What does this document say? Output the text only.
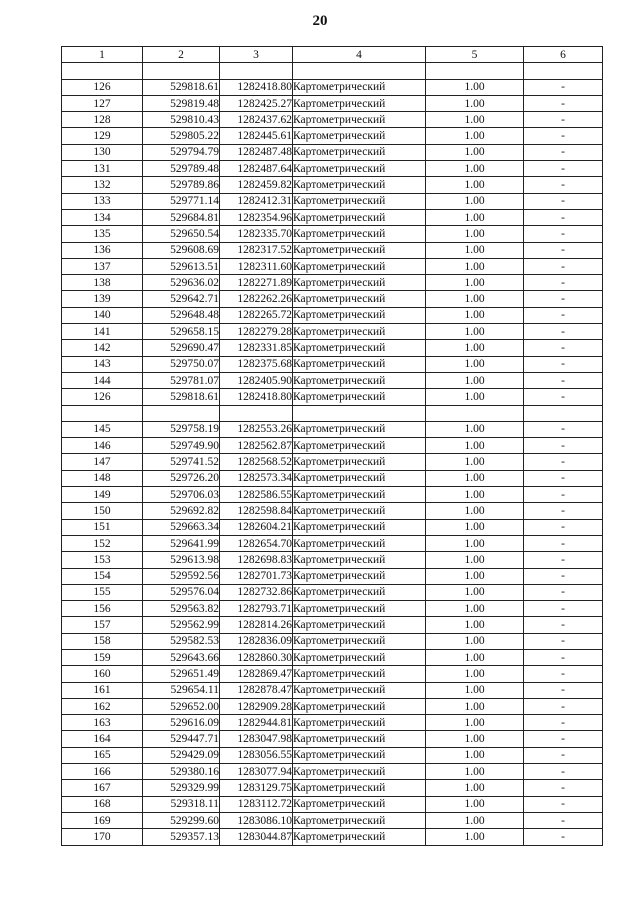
20
1	2	3	4	5	6

126	529818.61	1282418.80	Картометрический	1.00	-
127	529819.48	1282425.27	Картометрический	1.00	-
128	529810.43	1282437.62	Картометрический	1.00	-
129	529805.22	1282445.61	Картометрический	1.00	-
130	529794.79	1282487.48	Картометрический	1.00	-
131	529789.48	1282487.64	Картометрический	1.00	-
132	529789.86	1282459.82	Картометрический	1.00	-
133	529771.14	1282412.31	Картометрический	1.00	-
134	529684.81	1282354.96	Картометрический	1.00	-
135	529650.54	1282335.70	Картометрический	1.00	-
136	529608.69	1282317.52	Картометрический	1.00	-
137	529613.51	1282311.60	Картометрический	1.00	-
138	529636.02	1282271.89	Картометрический	1.00	-
139	529642.71	1282262.26	Картометрический	1.00	-
140	529648.48	1282265.72	Картометрический	1.00	-
141	529658.15	1282279.28	Картометрический	1.00	-
142	529690.47	1282331.85	Картометрический	1.00	-
143	529750.07	1282375.68	Картометрический	1.00	-
144	529781.07	1282405.90	Картометрический	1.00	-
126	529818.61	1282418.80	Картометрический	1.00	-

145	529758.19	1282553.26	Картометрический	1.00	-
146	529749.90	1282562.87	Картометрический	1.00	-
147	529741.52	1282568.52	Картометрический	1.00	-
148	529726.20	1282573.34	Картометрический	1.00	-
149	529706.03	1282586.55	Картометрический	1.00	-
150	529692.82	1282598.84	Картометрический	1.00	-
151	529663.34	1282604.21	Картометрический	1.00	-
152	529641.99	1282654.70	Картометрический	1.00	-
153	529613.98	1282698.83	Картометрический	1.00	-
154	529592.56	1282701.73	Картометрический	1.00	-
155	529576.04	1282732.86	Картометрический	1.00	-
156	529563.82	1282793.71	Картометрический	1.00	-
157	529562.99	1282814.26	Картометрический	1.00	-
158	529582.53	1282836.09	Картометрический	1.00	-
159	529643.66	1282860.30	Картометрический	1.00	-
160	529651.49	1282869.47	Картометрический	1.00	-
161	529654.11	1282878.47	Картометрический	1.00	-
162	529652.00	1282909.28	Картометрический	1.00	-
163	529616.09	1282944.81	Картометрический	1.00	-
164	529447.71	1283047.98	Картометрический	1.00	-
165	529429.09	1283056.55	Картометрический	1.00	-
166	529380.16	1283077.94	Картометрический	1.00	-
167	529329.99	1283129.75	Картометрический	1.00	-
168	529318.11	1283112.72	Картометрический	1.00	-
169	529299.60	1283086.10	Картометрический	1.00	-
170	529357.13	1283044.87	Картометрический	1.00	-
